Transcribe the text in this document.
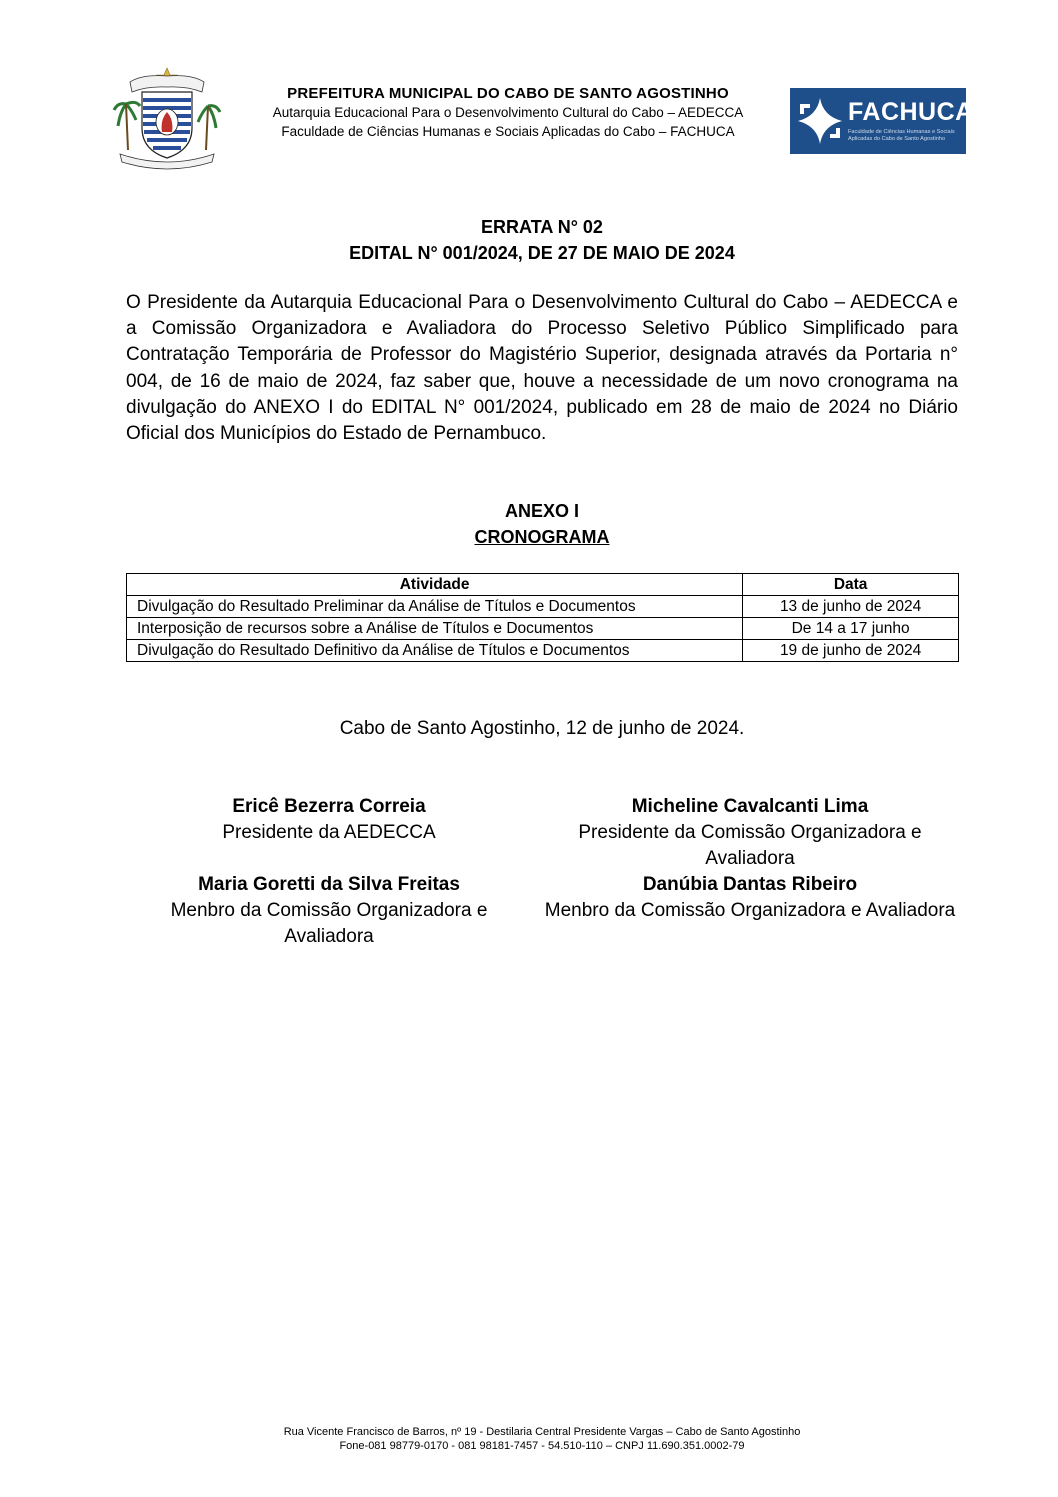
PREFEITURA MUNICIPAL DO CABO DE SANTO AGOSTINHO
Autarquia Educacional Para o Desenvolvimento Cultural do Cabo – AEDECCA
Faculdade de Ciências Humanas e Sociais Aplicadas do Cabo – FACHUCA
FACHUCA
Faculdade de Ciências Humanas e Sociais Aplicadas do Cabo de Santo Agostinho
ERRATA N° 02
EDITAL N° 001/2024, DE 27 DE MAIO DE 2024
O Presidente da Autarquia Educacional Para o Desenvolvimento Cultural do Cabo – AEDECCA e a Comissão Organizadora e Avaliadora do Processo Seletivo Público Simplificado para Contratação Temporária de Professor do Magistério Superior, designada através da Portaria n° 004, de 16 de maio de 2024, faz saber que, houve a necessidade de um novo cronograma na divulgação do ANEXO I do EDITAL N° 001/2024, publicado em 28 de maio de 2024 no Diário Oficial dos Municípios do Estado de Pernambuco.
ANEXO I
CRONOGRAMA
Atividade	Data
Divulgação do Resultado Preliminar da Análise de Títulos e Documentos	13 de junho de 2024
Interposição de recursos sobre a Análise de Títulos e Documentos	De 14 a 17 junho
Divulgação do Resultado Definitivo da Análise de Títulos e Documentos	19 de junho de 2024
Cabo de Santo Agostinho, 12 de junho de 2024.
Ericê Bezerra Correia
Presidente da AEDECCA
Micheline Cavalcanti Lima
Presidente da Comissão Organizadora e Avaliadora
Maria Goretti da Silva Freitas
Menbro da Comissão Organizadora e Avaliadora
Danúbia Dantas Ribeiro
Menbro da Comissão Organizadora e Avaliadora
Rua Vicente Francisco de Barros, nº 19 - Destilaria Central Presidente Vargas – Cabo de Santo Agostinho
Fone-081 98779-0170 - 081 98181-7457 - 54.510-110 – CNPJ 11.690.351.0002-79
